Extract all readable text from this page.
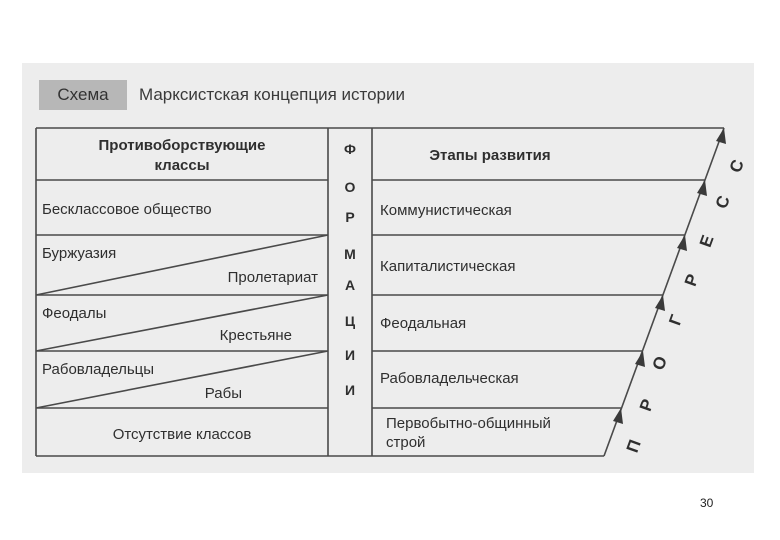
Схема	Марксистская концепция истории
Противоборствующие
классы
Этапы развития
Ф
О
Р
М
А
Ц
И
И
Бесклассовое общество
Буржуазия
Пролетариат
Феодалы
Крестьяне
Рабовладельцы
Рабы
Отсутствие классов
Коммунистическая
Капиталистическая
Феодальная
Рабовладельческая
Первобытно-общинный
строй	П
Р
О
Г
Р
Е
С
С
30
